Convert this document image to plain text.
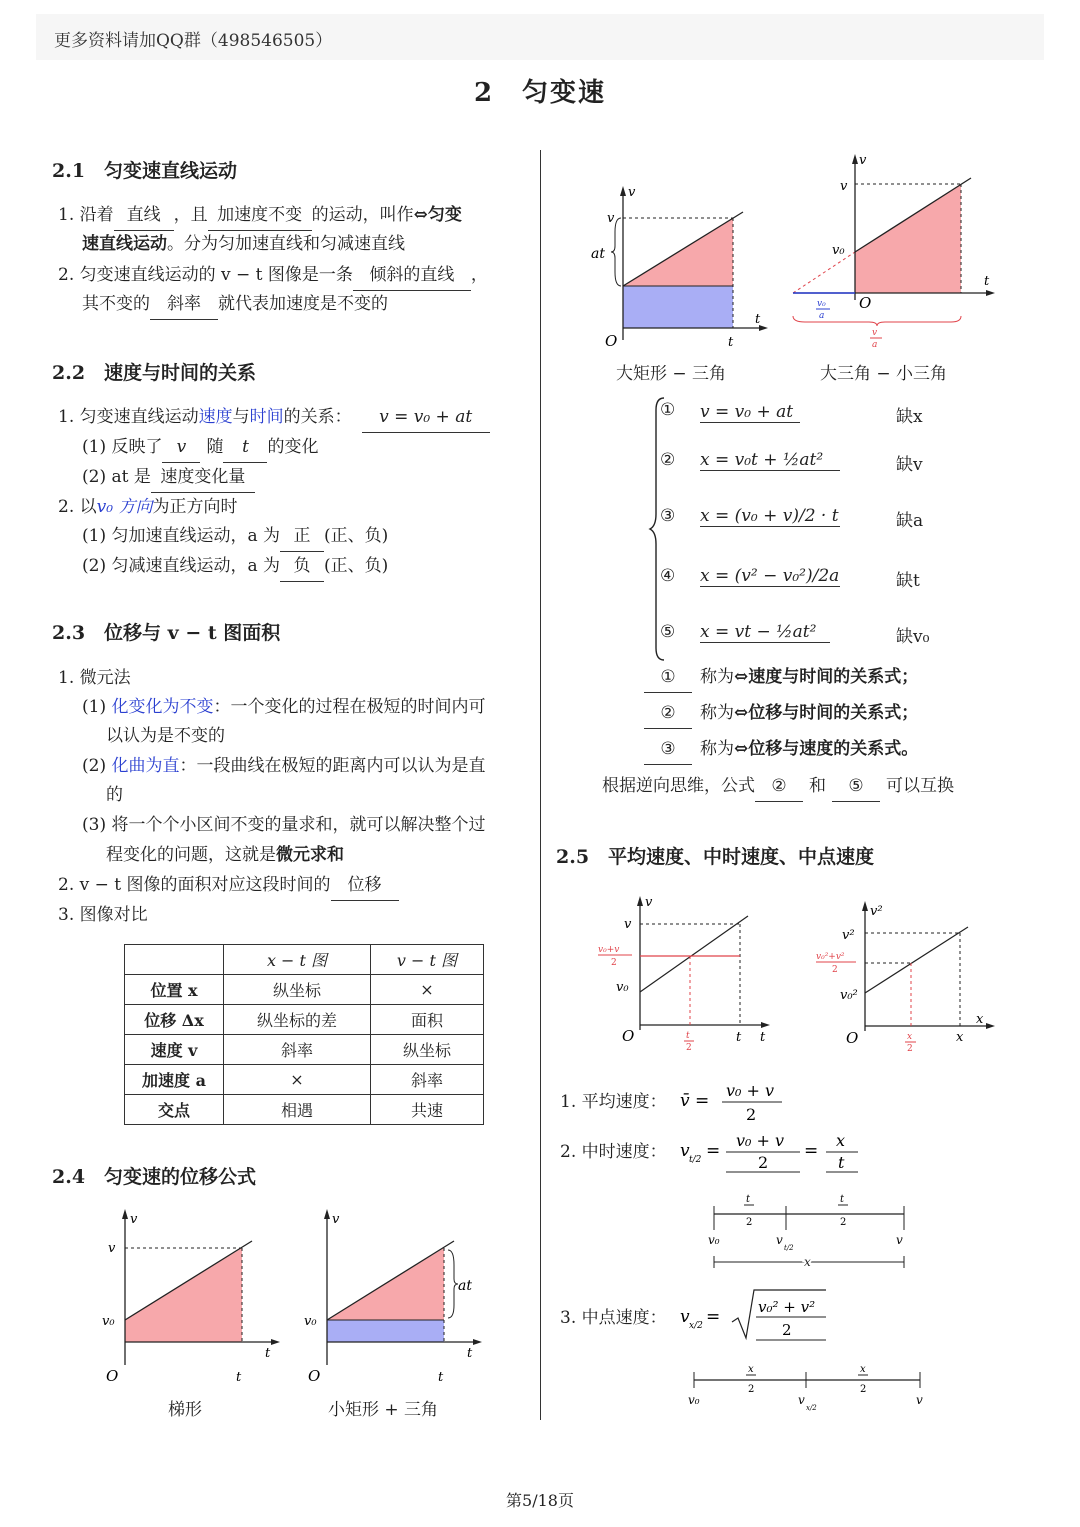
更多资料请加QQ群（498546505）
2　匀变速
2.1　匀变速直线运动
1. 沿着 直线 ，且 加速度不变 的运动，叫作⇔匀变
速直线运动。分为匀加速直线和匀减速直线
2. 匀变速直线运动的 v − t 图像是一条 倾斜的直线 ，
其不变的 斜率 就代表加速度是不变的
2.2　速度与时间的关系
1. 匀变速直线运动速度与时间的关系： v = v₀ + at
(1) 反映了 v 随 t 的变化
(2) at 是 速度变化量
2. 以v₀ 方向为正方向时
(1) 匀加速直线运动，a 为 正 (正、负)
(2) 匀减速直线运动，a 为 负 (正、负)
2.3　位移与 v − t 图面积
1. 微元法
(1) 化变化为不变：一个变化的过程在极短的时间内可
以认为是不变的
(2) 化曲为直：一段曲线在极短的距离内可以认为是直
的
(3) 将一个个小区间不变的量求和，就可以解决整个过
程变化的问题，这就是微元求和
2. v − t 图像的面积对应这段时间的 位移
3. 图像对比
	x − t 图	v − t 图
位置 x	纵坐标	×
位移 Δx	纵坐标的差	面积
速度 v	斜率	纵坐标
加速度 a	×	斜率
交点	相遇	共速
2.4　匀变速的位移公式
v
v
v₀
O	t
t
梯形
v
v₀
at
O	t
t
小矩形 + 三角
v
v
at
O	t
t
大矩形 − 三角
v
v
v₀
O
t
v₀
a
v
a
大三角 − 小三角
① v = v₀ + at	缺x
② x = v₀t + ½at²	缺v
③ x = (v₀ + v)/2 · t	缺a
④ x = (v² − v₀²)/2a	缺t
⑤ x = vt − ½at²	缺v₀
① 称为⇔速度与时间的关系式；
② 称为⇔位移与时间的关系式；
③ 称为⇔位移与速度的关系式。
根据逆向思维，公式 ② 和 ⑤ 可以互换
2.5　平均速度、中时速度、中点速度
v
v
v₀
v₀+v
2
O	t
2
t t
v²
v²
v₀²
v₀²+v²
2
O	x
2
x
x
1. 平均速度： v̄ =
v₀ + v
2
2. 中时速度： v t/2 =
v₀ + v
2
=
x
t
t
2
t
2
v₀	v
t/2
v
x
3. 中点速度： v x/2 =	v₀² + v²
2
x
2
x
2
v₀	v
x/2
v
第5/18页
